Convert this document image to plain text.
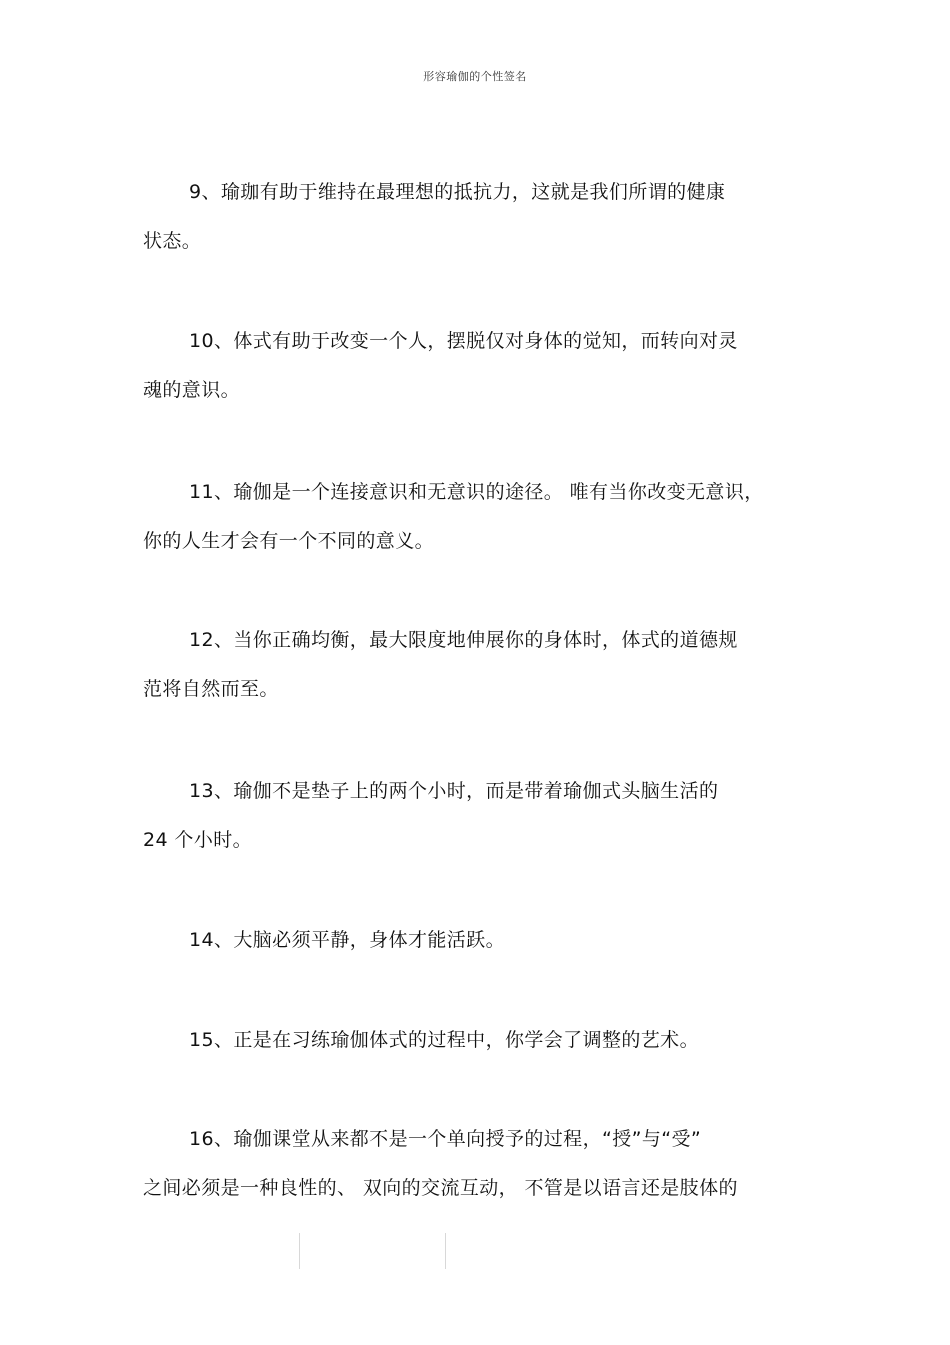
形容瑜伽的个性签名
9、瑜珈有助于维持在最理想的抵抗力，这就是我们所谓的健康
状态。
10、体式有助于改变一个人，摆脱仅对身体的觉知，而转向对灵
魂的意识。
11、瑜伽是一个连接意识和无意识的途径。 唯有当你改变无意识，
你的人生才会有一个不同的意义。
12、当你正确均衡，最大限度地伸展你的身体时，体式的道德规
范将自然而至。
13、瑜伽不是垫子上的两个小时，而是带着瑜伽式头脑生活的
24 个小时。
14、大脑必须平静，身体才能活跃。
15、正是在习练瑜伽体式的过程中，你学会了调整的艺术。
16、瑜伽课堂从来都不是一个单向授予的过程，“授”与“受”
之间必须是一种良性的、 双向的交流互动， 不管是以语言还是肢体的
